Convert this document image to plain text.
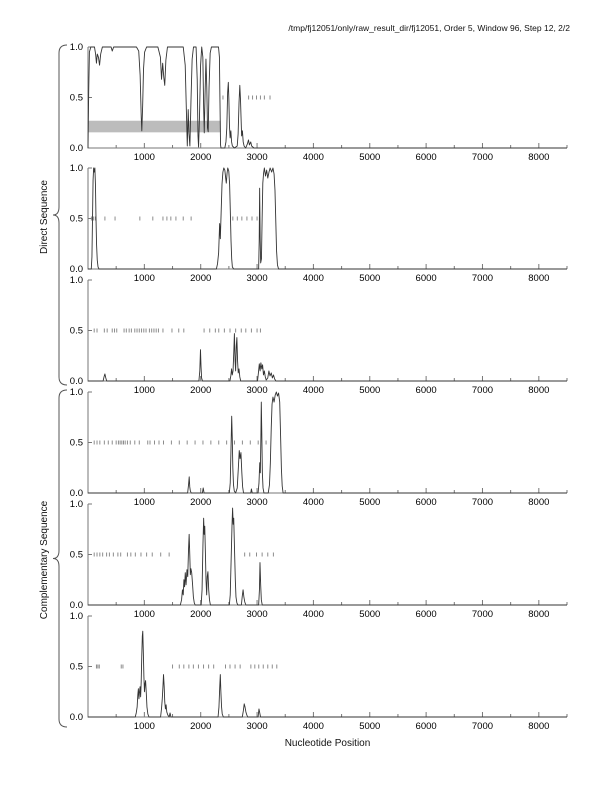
/tmp/fj12051/only/raw_result_dir/fj12051, Order 5, Window 96, Step 12, 2/2
Direct Sequence
Complementary Sequence
0.0
0.5
1.0
1000	2000	3000	4000	5000	6000	7000	8000
0.0
0.5
1.0
1000	2000	3000	4000	5000	6000	7000	8000
0.0
0.5
1.0
1000	2000	3000	4000	5000	6000	7000	8000
0.0
0.5
1.0
1000	2000	3000	4000	5000	6000	7000	8000
0.0
0.5
1.0
1000	2000	3000	4000	5000	6000	7000	8000
0.0
0.5
1.0
1000	2000	3000	4000	5000	6000	7000	8000
Nucleotide Position
